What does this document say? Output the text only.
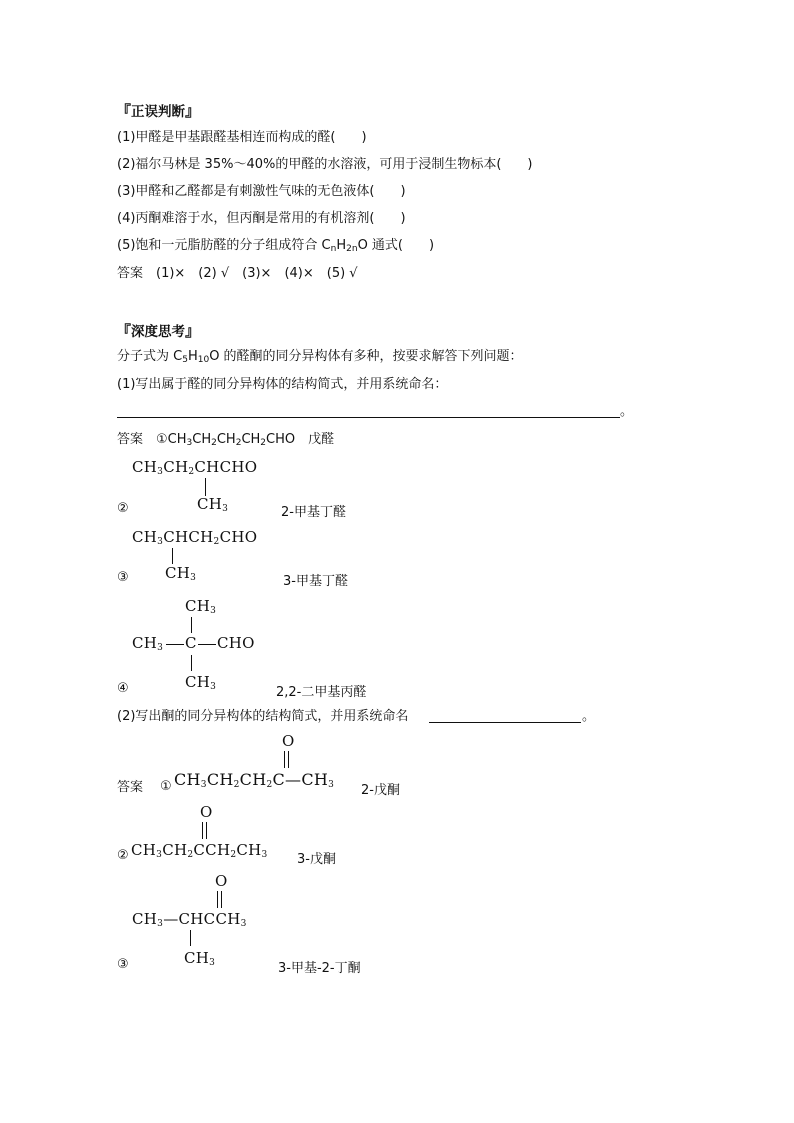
『正误判断』
(1)甲醛是甲基跟醛基相连而构成的醛(　　)
(2)福尔马林是 35%～40%的甲醛的水溶液，可用于浸制生物标本(　　)
(3)甲醛和乙醛都是有刺激性气味的无色液体(　　)
(4)丙酮难溶于水，但丙酮是常用的有机溶剂(　　)
(5)饱和一元脂肪醛的分子组成符合 $C_nH_{2n}O$ 通式(　　)
答案　(1)×　(2) √　(3)×　(4)×　(5) √
『深度思考』
分子式为 $C_5H_{10}O$ 的醛酮的同分异构体有多种，按要求解答下列问题：
(1)写出属于醛的同分异构体的结构简式，并用系统命名：
。
答案　$①CH_3CH_2CH_2CH_2CHO$　戊醛
$CH_3CH_2CHCHO$
$CH_3$
②	2-甲基丁醛
$CH_3CHCH_2CHO$
$CH_3$
③	3-甲基丁醛
$CH_3$
$CH_3$ C CHO
$CH_3$
④	2,2-二甲基丙醛
(2)写出酮的同分异构体的结构简式，并用系统命名	。
O
答案 ① $CH_3CH_2CH_2C—CH_3$ 2-戊酮
O
② $CH_3CH_2CCH_2CH_3$ 3-戊酮
O
$CH_3—CHCCH_3$
$CH_3$
③	3-甲基-2-丁酮
